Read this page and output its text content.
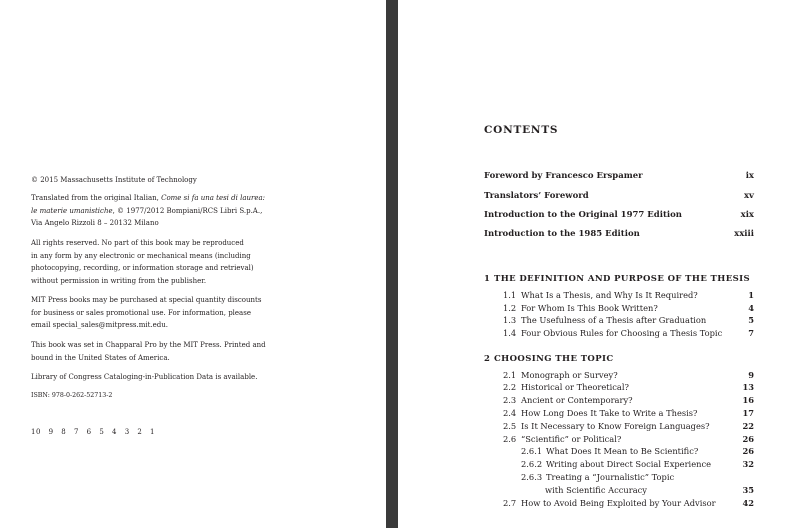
© 2015 Massachusetts Institute of Technology
Translated from the original Italian, Come si fa una tesi di laurea:
le materie umanistiche, © 1977/2012 Bompiani/RCS Libri S.p.A.,
Via Angelo Rizzoli 8 – 20132 Milano
All rights reserved. No part of this book may be reproduced
in any form by any electronic or mechanical means (including
photocopying, recording, or information storage and retrieval)
without permission in writing from the publisher.
MIT Press books may be purchased at special quantity discounts
for business or sales promotional use. For information, please
email special_sales@mitpress.mit.edu.
This book was set in Chapparal Pro by the MIT Press. Printed and
bound in the United States of America.
Library of Congress Cataloging-in-Publication Data is available.
ISBN: 978-0-262-52713-2
10 9 8 7 6 5 4 3 2 1
CONTENTS
Foreword by Francesco Erspamer	ix
Translators’ Foreword	xv
Introduction to the Original 1977 Edition	xix
Introduction to the 1985 Edition	xxiii
1 THE DEFINITION AND PURPOSE OF THE THESIS
1.1 What Is a Thesis, and Why Is It Required?	1
1.2 For Whom Is This Book Written?	4
1.3 The Usefulness of a Thesis after Graduation	5
1.4 Four Obvious Rules for Choosing a Thesis Topic	7
2 CHOOSING THE TOPIC
2.1 Monograph or Survey?	9
2.2 Historical or Theoretical?	13
2.3 Ancient or Contemporary?	16
2.4 How Long Does It Take to Write a Thesis?	17
2.5 Is It Necessary to Know Foreign Languages?	22
2.6 “Scientific” or Political?	26
2.6.1 What Does It Mean to Be Scientific?	26
2.6.2 Writing about Direct Social Experience	32
2.6.3 Treating a “Journalistic” Topic
with Scientific Accuracy	35
2.7 How to Avoid Being Exploited by Your Advisor	42
